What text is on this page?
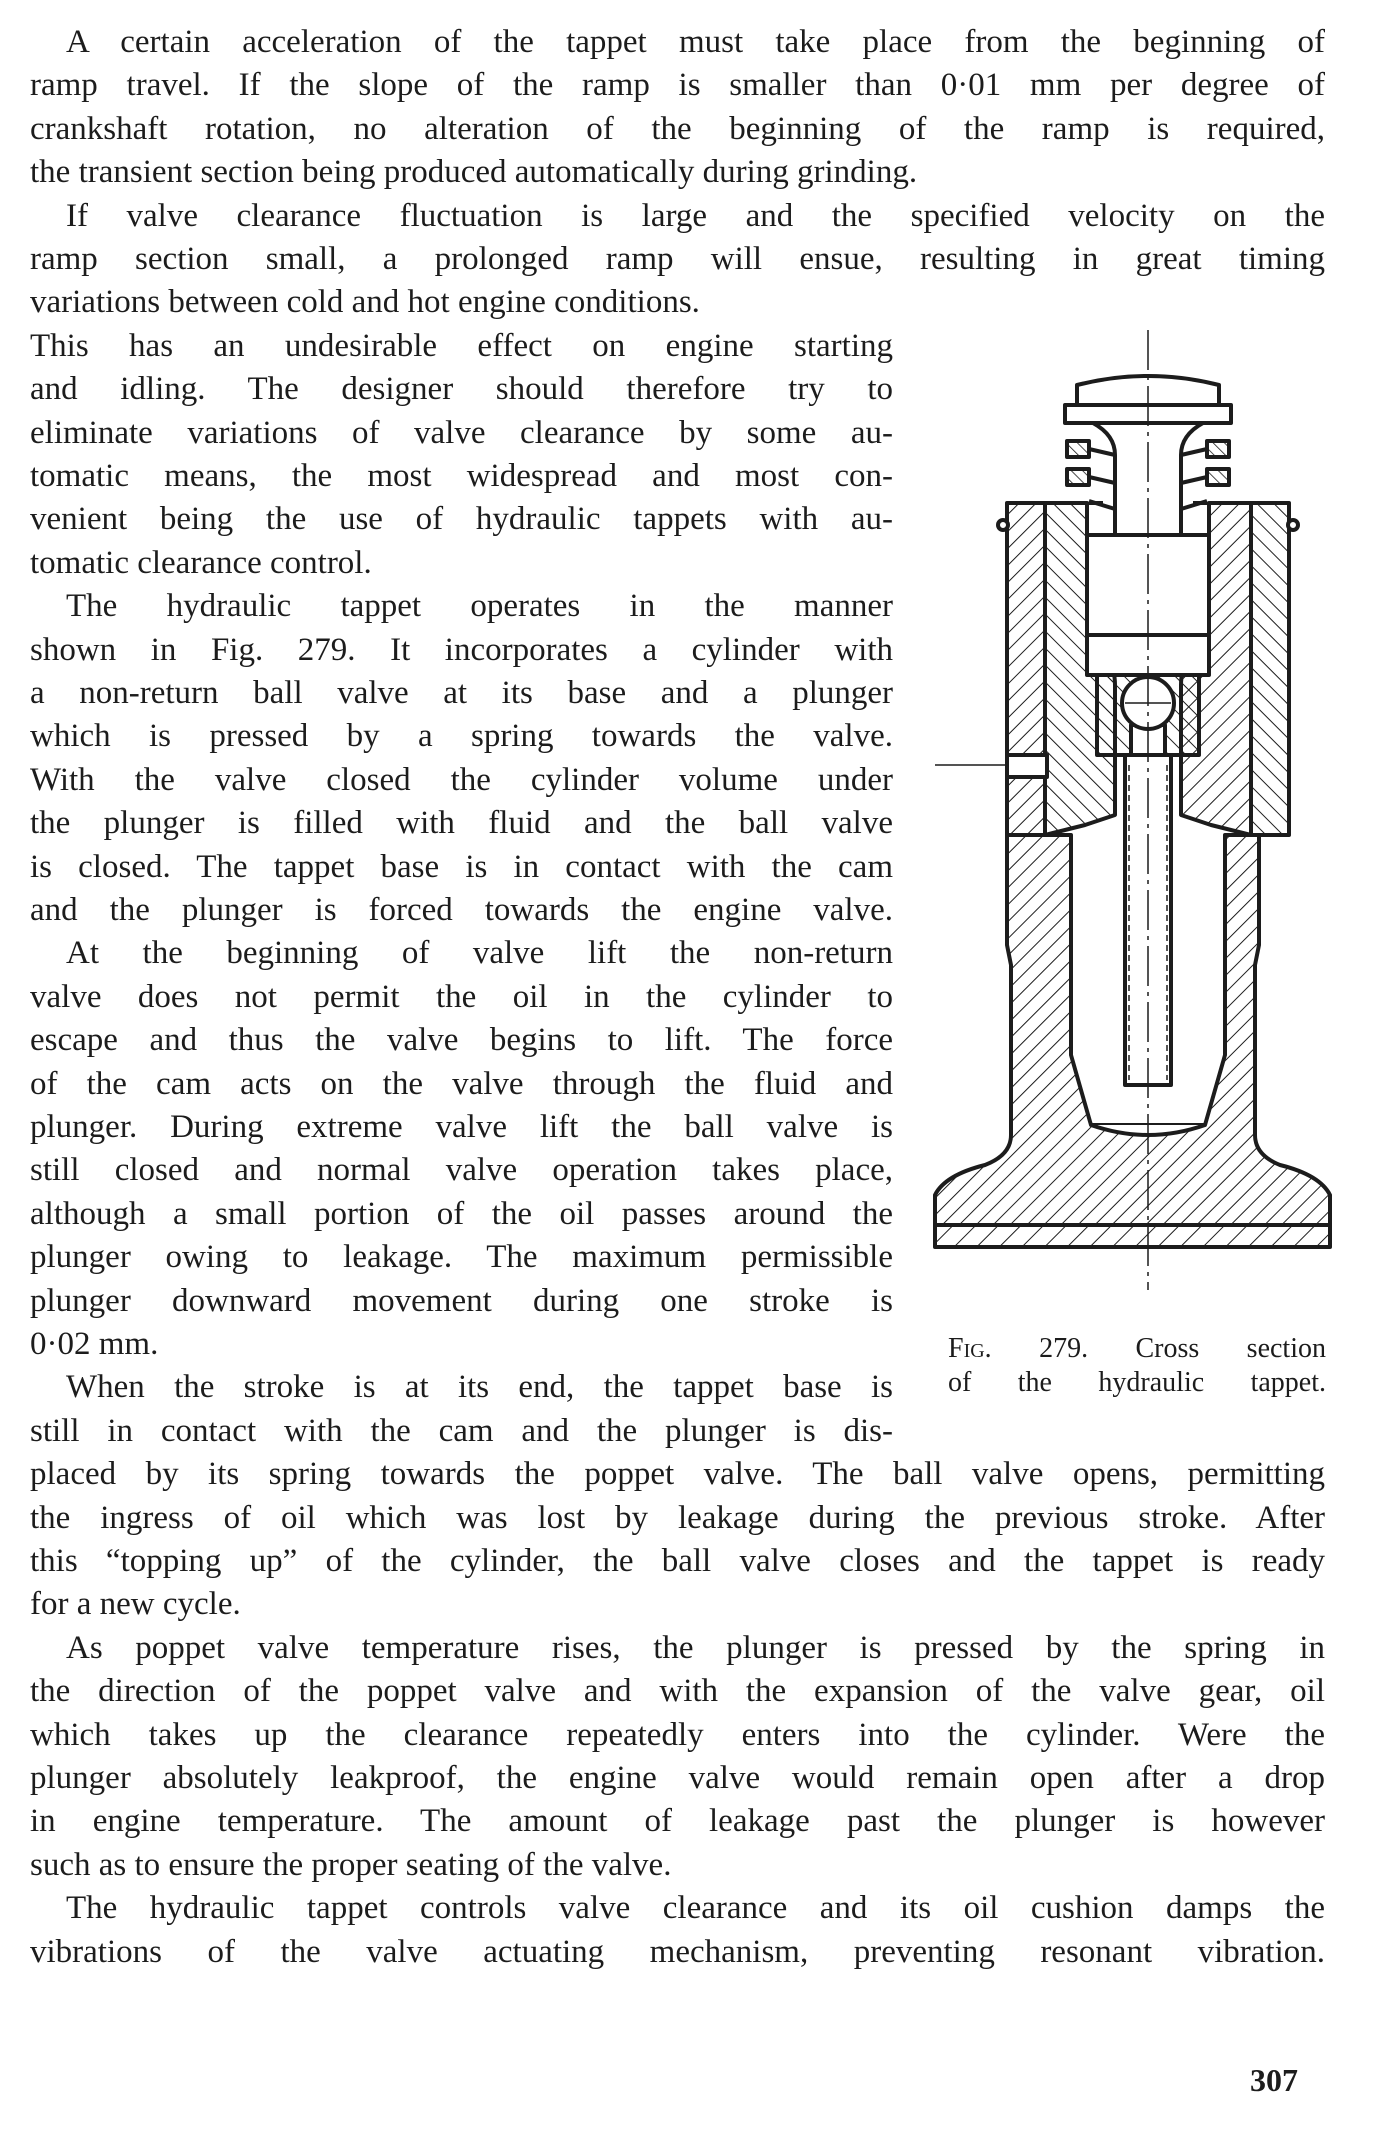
A certain acceleration of the tappet must take place from the beginning of
ramp travel. If the slope of the ramp is smaller than 0·01 mm per degree of
crankshaft rotation, no alteration of the beginning of the ramp is required,
the transient section being produced automatically during grinding.
If valve clearance fluctuation is large and the specified velocity on the
ramp section small, a prolonged ramp will ensue, resulting in great timing
variations between cold and hot engine conditions.
This has an undesirable effect on engine starting
and idling. The designer should therefore try to
eliminate variations of valve clearance by some au-
tomatic means, the most widespread and most con-
venient being the use of hydraulic tappets with au-
tomatic clearance control.
The hydraulic tappet operates in the manner
shown in Fig. 279. It incorporates a cylinder with
a non-return ball valve at its base and a plunger
which is pressed by a spring towards the valve.
With the valve closed the cylinder volume under
the plunger is filled with fluid and the ball valve
is closed. The tappet base is in contact with the cam
and the plunger is forced towards the engine valve.
At the beginning of valve lift the non-return
valve does not permit the oil in the cylinder to
escape and thus the valve begins to lift. The force
of the cam acts on the valve through the fluid and
plunger. During extreme valve lift the ball valve is
still closed and normal valve operation takes place,
although a small portion of the oil passes around the
plunger owing to leakage. The maximum permissible
plunger downward movement during one stroke is
0·02 mm.
When the stroke is at its end, the tappet base is
still in contact with the cam and the plunger is dis-
placed by its spring towards the poppet valve. The ball valve opens, permitting
the ingress of oil which was lost by leakage during the previous stroke. After
this “topping up” of the cylinder, the ball valve closes and the tappet is ready
for a new cycle.
As poppet valve temperature rises, the plunger is pressed by the spring in
the direction of the poppet valve and with the expansion of the valve gear, oil
which takes up the clearance repeatedly enters into the cylinder. Were the
plunger absolutely leakproof, the engine valve would remain open after a drop
in engine temperature. The amount of leakage past the plunger is however
such as to ensure the proper seating of the valve.
The hydraulic tappet controls valve clearance and its oil cushion damps the
vibrations of the valve actuating mechanism, preventing resonant vibration.
Fig. 279. Cross section
of the hydraulic tappet.
307
